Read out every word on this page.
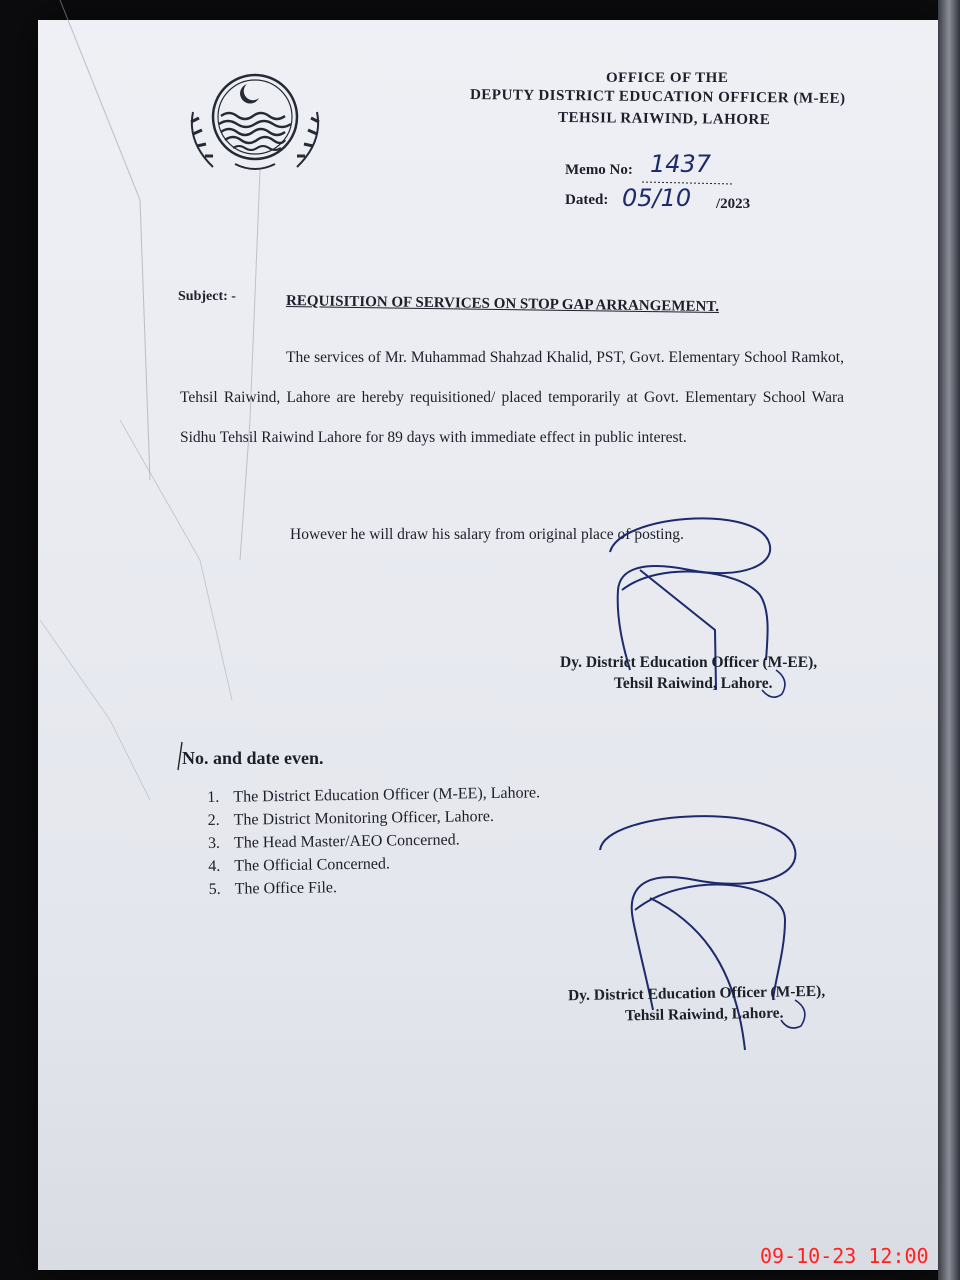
OFFICE OF THE
DEPUTY DISTRICT EDUCATION OFFICER (M-EE)
TEHSIL RAIWIND, LAHORE
Memo No: 1437
Dated: 05/10 /2023
Subject: -	REQUISITION OF SERVICES ON STOP GAP ARRANGEMENT.
The services of Mr. Muhammad Shahzad Khalid, PST, Govt. Elementary School Ramkot, Tehsil Raiwind, Lahore are hereby requisitioned/ placed temporarily at Govt. Elementary School Wara Sidhu Tehsil Raiwind Lahore for 89 days with immediate effect in public interest.
However he will draw his salary from original place of posting.
Dy. District Education Officer (M-EE),
Tehsil Raiwind, Lahore.
No. and date even.
1. The District Education Officer (M-EE), Lahore.
2. The District Monitoring Officer, Lahore.
3. The Head Master/AEO Concerned.
4. The Official Concerned.
5. The Office File.
Dy. District Education Officer (M-EE),
Tehsil Raiwind, Lahore.
09-10-23 12:00
